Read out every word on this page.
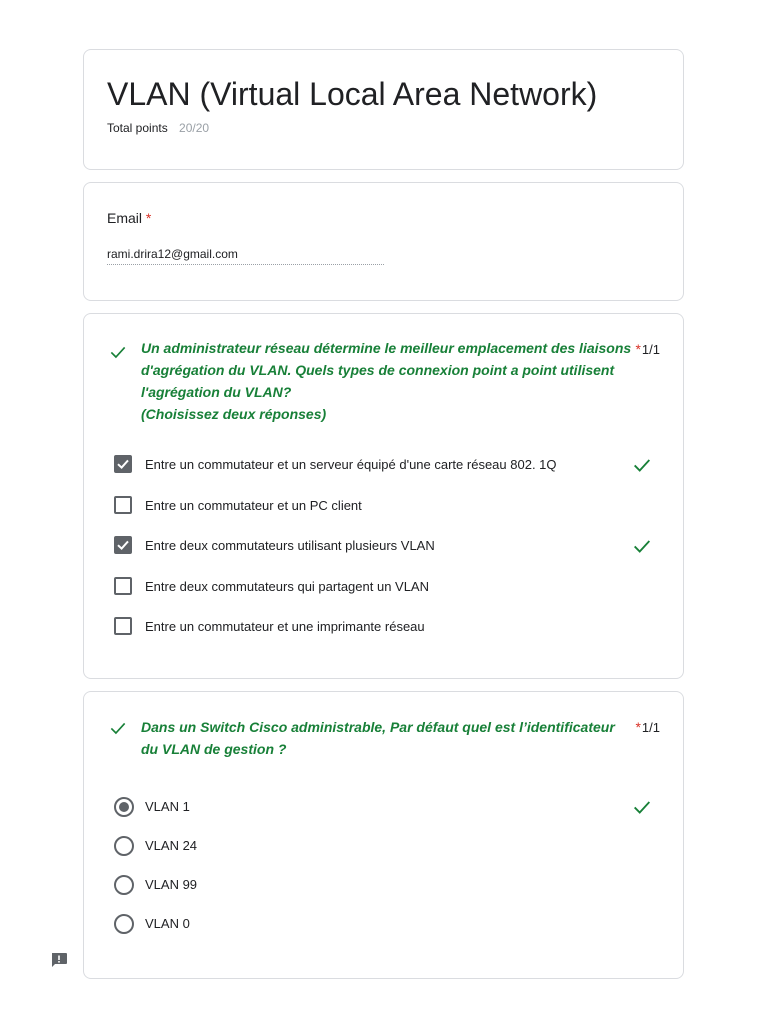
VLAN (Virtual Local Area Network)
Total points 20/20
Email *
rami.drira12@gmail.com
Un administrateur réseau détermine le meilleur emplacement des liaisons
d'agrégation du VLAN. Quels types de connexion point a point utilisent
l'agrégation du VLAN?
(Choisissez deux réponses)
*1/1
Entre un commutateur et un serveur équipé d'une carte réseau 802. 1Q
Entre un commutateur et un PC client
Entre deux commutateurs utilisant plusieurs VLAN
Entre deux commutateurs qui partagent un VLAN
Entre un commutateur et une imprimante réseau
Dans un Switch Cisco administrable, Par défaut quel est l’identificateur
du VLAN de gestion ?
*1/1
VLAN 1
VLAN 24
VLAN 99
VLAN 0
